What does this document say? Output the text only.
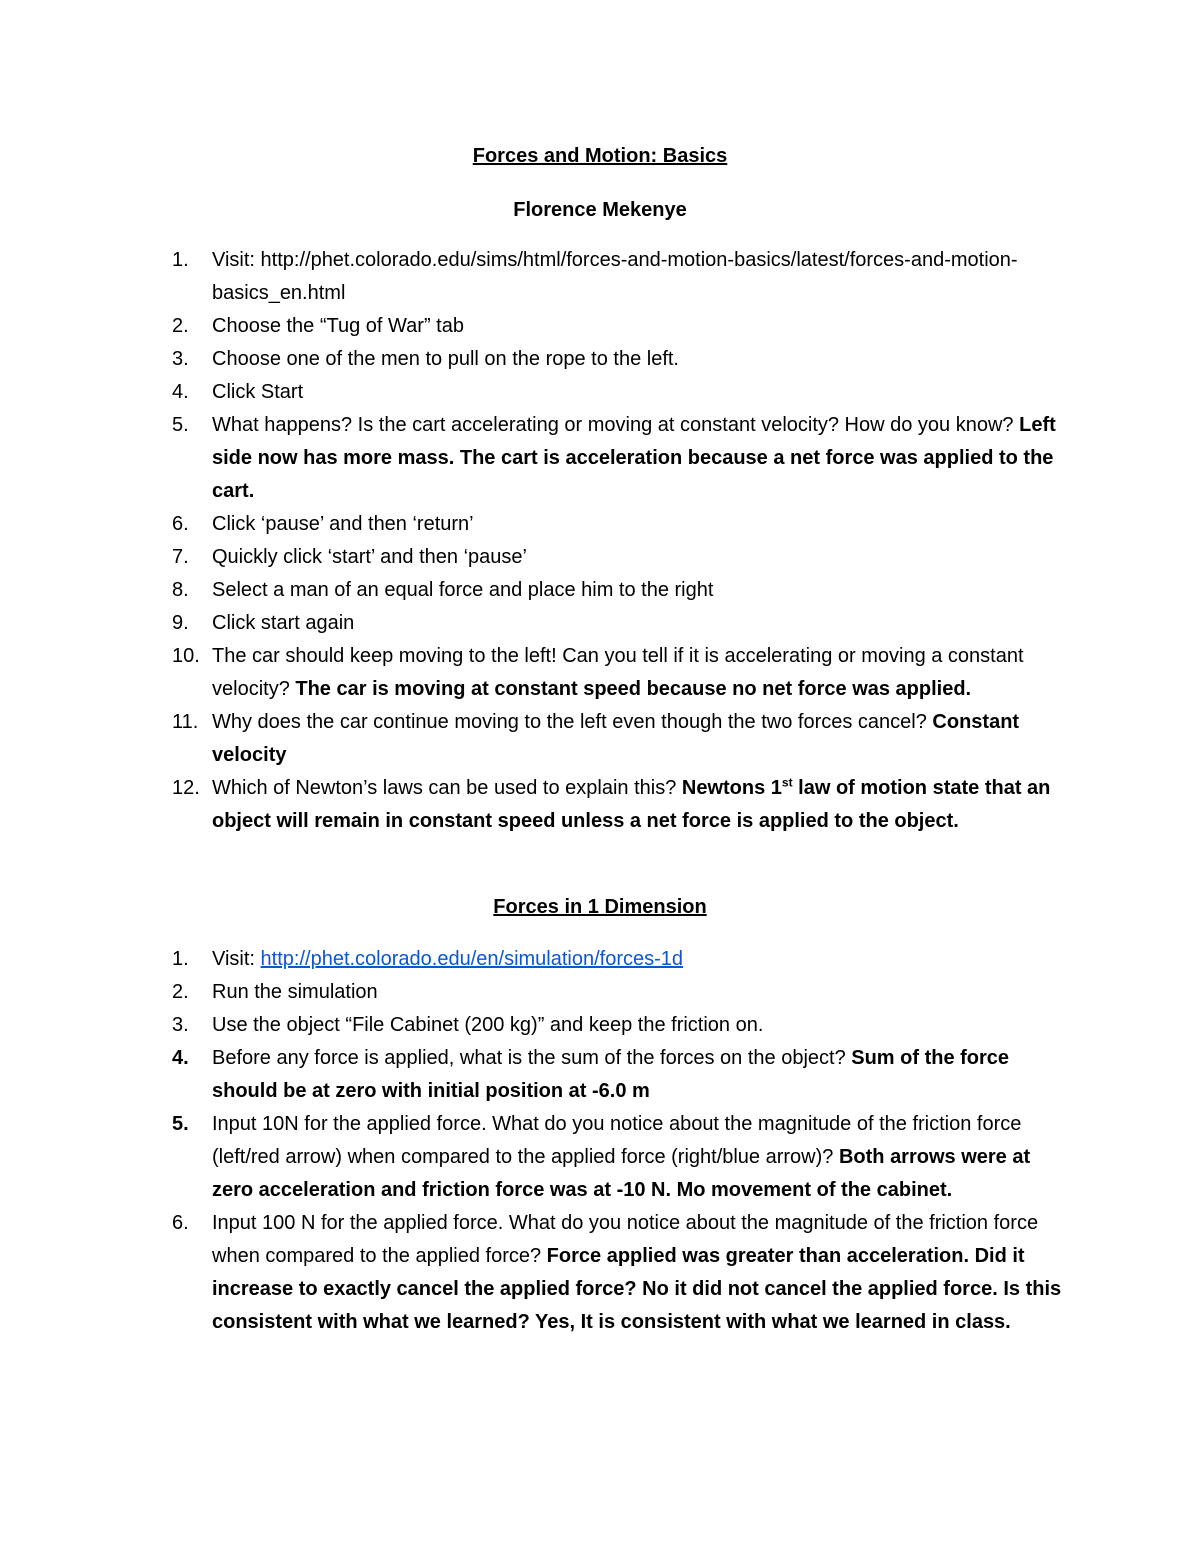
Forces and Motion: Basics
Florence Mekenye
1.	Visit: http://phet.colorado.edu/sims/html/forces-and-motion-basics/latest/forces-and-motion-basics_en.html
2.	Choose the “Tug of War” tab
3.	Choose one of the men to pull on the rope to the left.
4.	Click Start
5.	What happens? Is the cart accelerating or moving at constant velocity? How do you know? Left side now has more mass. The cart is acceleration because a net force was applied to the cart.
6.	Click ‘pause’ and then ‘return’
7.	Quickly click ‘start’ and then ‘pause’
8.	Select a man of an equal force and place him to the right
9.	Click start again
10. The car should keep moving to the left! Can you tell if it is accelerating or moving a constant velocity? The car is moving at constant speed because no net force was applied.
11. Why does the car continue moving to the left even though the two forces cancel? Constant velocity
12. Which of Newton’s laws can be used to explain this? Newtons 1st law of motion state that an object will remain in constant speed unless a net force is applied to the object.
Forces in 1 Dimension
1.	Visit: http://phet.colorado.edu/en/simulation/forces-1d
2.	Run the simulation
3.	Use the object “File Cabinet (200 kg)” and keep the friction on.
4.	Before any force is applied, what is the sum of the forces on the object? Sum of the force should be at zero with initial position at -6.0 m
5.	Input 10N for the applied force. What do you notice about the magnitude of the friction force (left/red arrow) when compared to the applied force (right/blue arrow)? Both arrows were at zero acceleration and friction force was at -10 N. Mo movement of the cabinet.
6.	Input 100 N for the applied force. What do you notice about the magnitude of the friction force when compared to the applied force? Force applied was greater than acceleration. Did it increase to exactly cancel the applied force? No it did not cancel the applied force. Is this consistent with what we learned? Yes, It is consistent with what we learned in class.
